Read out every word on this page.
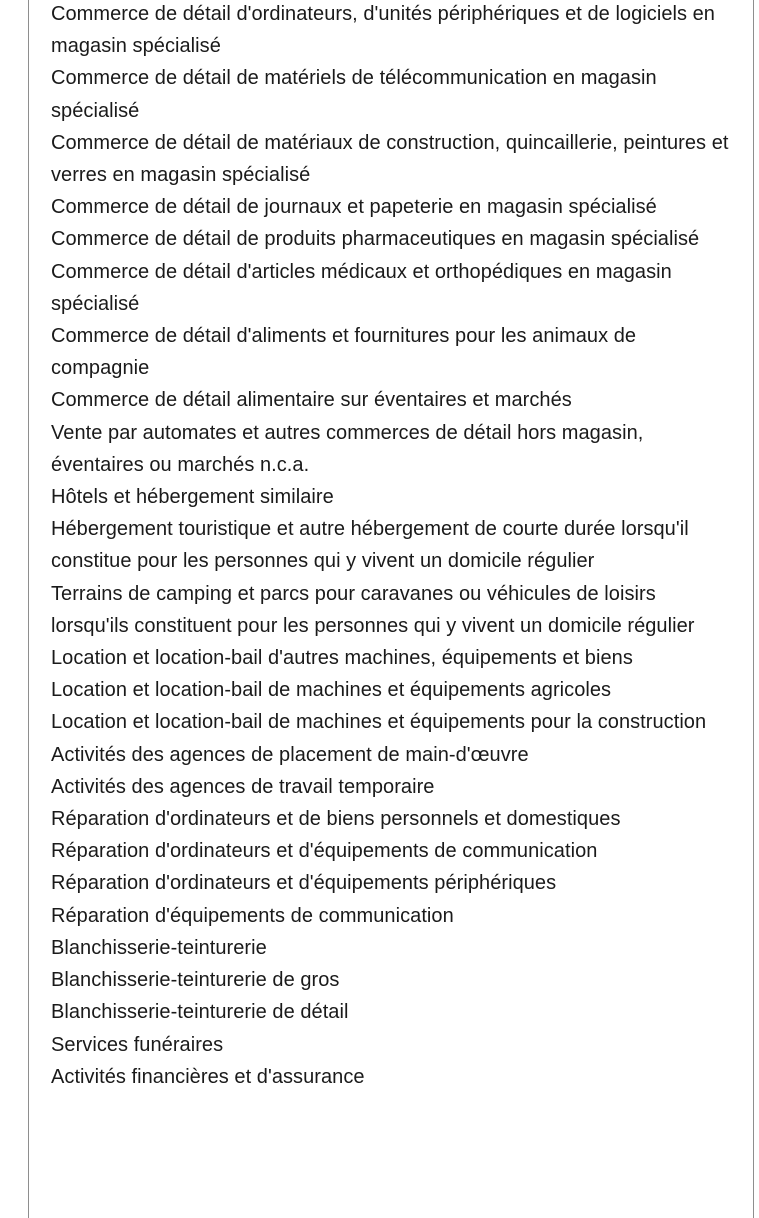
Commerce de détail d'ordinateurs, d'unités périphériques et de logiciels en magasin spécialisé
Commerce de détail de matériels de télécommunication en magasin spécialisé
Commerce de détail de matériaux de construction, quincaillerie, peintures et verres en magasin spécialisé
Commerce de détail de journaux et papeterie en magasin spécialisé
Commerce de détail de produits pharmaceutiques en magasin spécialisé
Commerce de détail d'articles médicaux et orthopédiques en magasin spécialisé
Commerce de détail d'aliments et fournitures pour les animaux de compagnie
Commerce de détail alimentaire sur éventaires et marchés
Vente par automates et autres commerces de détail hors magasin, éventaires ou marchés n.c.a.
Hôtels et hébergement similaire
Hébergement touristique et autre hébergement de courte durée lorsqu'il constitue pour les personnes qui y vivent un domicile régulier
Terrains de camping et parcs pour caravanes ou véhicules de loisirs lorsqu'ils constituent pour les personnes qui y vivent un domicile régulier
Location et location-bail d'autres machines, équipements et biens
Location et location-bail de machines et équipements agricoles
Location et location-bail de machines et équipements pour la construction
Activités des agences de placement de main-d'œuvre
Activités des agences de travail temporaire
Réparation d'ordinateurs et de biens personnels et domestiques
Réparation d'ordinateurs et d'équipements de communication
Réparation d'ordinateurs et d'équipements périphériques
Réparation d'équipements de communication
Blanchisserie-teinturerie
Blanchisserie-teinturerie de gros
Blanchisserie-teinturerie de détail
Services funéraires
Activités financières et d'assurance
